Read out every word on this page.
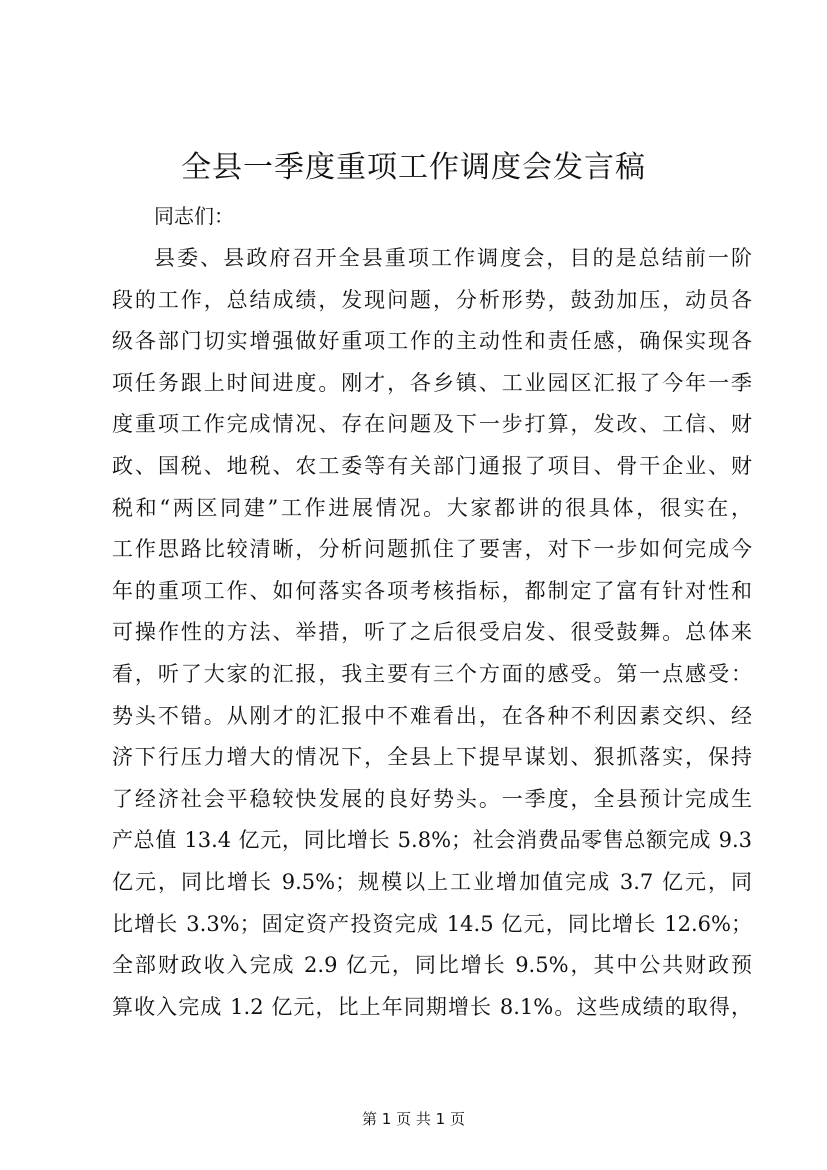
全县一季度重项工作调度会发言稿
同志们：
县委、县政府召开全县重项工作调度会，目的是总结前一阶
段的工作，总结成绩，发现问题，分析形势，鼓劲加压，动员各
级各部门切实增强做好重项工作的主动性和责任感，确保实现各
项任务跟上时间进度。刚才，各乡镇、工业园区汇报了今年一季
度重项工作完成情况、存在问题及下一步打算，发改、工信、财
政、国税、地税、农工委等有关部门通报了项目、骨干企业、财
税和“两区同建”工作进展情况。大家都讲的很具体，很实在，
工作思路比较清晰，分析问题抓住了要害，对下一步如何完成今
年的重项工作、如何落实各项考核指标，都制定了富有针对性和
可操作性的方法、举措，听了之后很受启发、很受鼓舞。总体来
看，听了大家的汇报，我主要有三个方面的感受。第一点感受：
势头不错。从刚才的汇报中不难看出，在各种不利因素交织、经
济下行压力增大的情况下，全县上下提早谋划、狠抓落实，保持
了经济社会平稳较快发展的良好势头。一季度，全县预计完成生
产总值 13.4 亿元，同比增长 5.8%；社会消费品零售总额完成 9.3
亿元，同比增长 9.5%；规模以上工业增加值完成 3.7 亿元，同
比增长 3.3%；固定资产投资完成 14.5 亿元，同比增长 12.6%；
全部财政收入完成 2.9 亿元，同比增长 9.5%，其中公共财政预
算收入完成 1.2 亿元，比上年同期增长 8.1%。这些成绩的取得，
第 1 页 共 1 页
